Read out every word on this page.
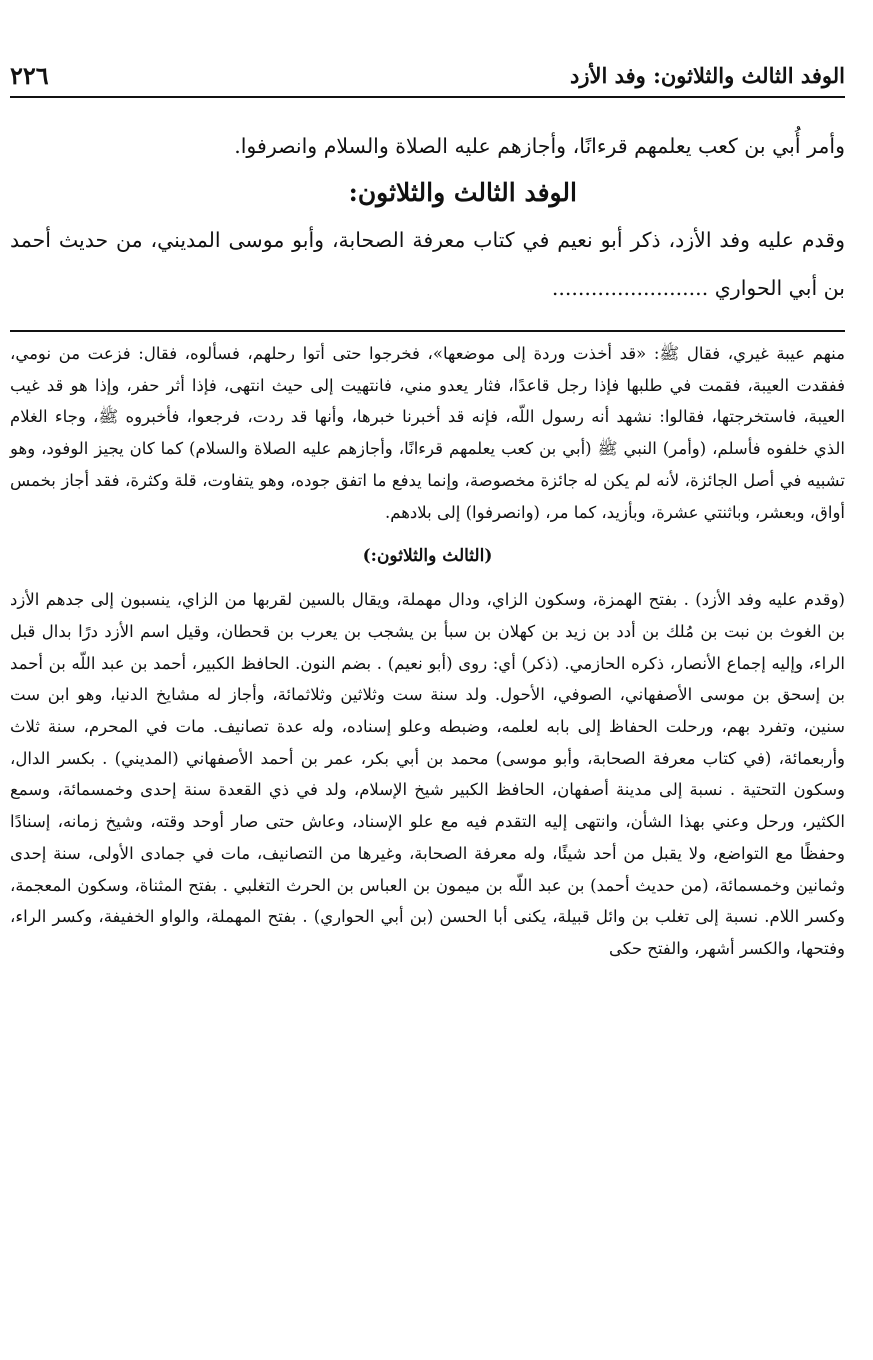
الوفد الثالث والثلاثون: وفد الأزد
٢٢٦

وأمر أُبي بن كعب يعلمهم قرءانًا، وأجازهم عليه الصلاة والسلام وانصرفوا.

الوفد الثالث والثلاثون:

وقدم عليه وفد الأزد، ذكر أبو نعيم في كتاب معرفة الصحابة، وأبو موسى المديني، من حديث أحمد بن أبي الحواري ........................

منهم عيبة غيري، فقال ﷺ: «قد أخذت وردة إلى موضعها»، فخرجوا حتى أتوا رحلهم، فسألوه، فقال: فزعت من نومي، ففقدت العيبة، فقمت في طلبها فإذا رجل قاعدًا، فثار يعدو مني، فانتهيت إلى حيث انتهى، فإذا أثر حفر، وإذا هو قد غيب العيبة، فاستخرجتها، فقالوا: نشهد أنه رسول اللّه، فإنه قد أخبرنا خبرها، وأنها قد ردت، فرجعوا، فأخبروه ﷺ، وجاء الغلام الذي خلفوه فأسلم، (وأمر) النبي ﷺ (أبي بن كعب يعلمهم قرءانًا، وأجازهم عليه الصلاة والسلام) كما كان يجيز الوفود، وهو تشبيه في أصل الجائزة، لأنه لم يكن له جائزة مخصوصة، وإنما يدفع ما اتفق جوده، وهو يتفاوت، قلة وكثرة، فقد أجاز بخمس أواق، وبعشر، وباثنتي عشرة، وبأزيد، كما مر، (وانصرفوا) إلى بلادهم.

(الثالث والثلاثون:)

(وقدم عليه وفد الأزد) . بفتح الهمزة، وسكون الزاي، ودال مهملة، ويقال بالسين لقربها من الزاي، ينسبون إلى جدهم الأزد بن الغوث بن نبت بن مُلك بن أدد بن زيد بن كهلان بن سبأ بن يشجب بن يعرب بن قحطان، وقيل اسم الأزد درًا بدال قبل الراء، وإليه إجماع الأنصار، ذكره الحازمي. (ذكر) أي: روى (أبو نعيم) . بضم النون. الحافظ الكبير، أحمد بن عبد اللّه بن أحمد بن إسحق بن موسى الأصفهاني، الصوفي، الأحول. ولد سنة ست وثلاثين وثلاثمائة، وأجاز له مشايخ الدنيا، وهو ابن ست سنين، وتفرد بهم، ورحلت الحفاظ إلى بابه لعلمه، وضبطه وعلو إسناده، وله عدة تصانيف. مات في المحرم، سنة ثلاث وأربعمائة، (في كتاب معرفة الصحابة، وأبو موسى) محمد بن أبي بكر، عمر بن أحمد الأصفهاني (المديني) . بكسر الدال، وسكون التحتية . نسبة إلى مدينة أصفهان، الحافظ الكبير شيخ الإسلام، ولد في ذي القعدة سنة إحدى وخمسمائة، وسمع الكثير، ورحل وعني بهذا الشأن، وانتهى إليه التقدم فيه مع علو الإسناد، وعاش حتى صار أوحد وقته، وشيخ زمانه، إسنادًا وحفظًا مع التواضع، ولا يقبل من أحد شيئًا، وله معرفة الصحابة، وغيرها من التصانيف، مات في جمادى الأولى، سنة إحدى وثمانين وخمسمائة، (من حديث أحمد) بن عبد اللّه بن ميمون بن العباس بن الحرث التغلبي . بفتح المثناة، وسكون المعجمة، وكسر اللام. نسبة إلى تغلب بن وائل قبيلة، يكنى أبا الحسن (بن أبي الحواري) . بفتح المهملة، والواو الخفيفة، وكسر الراء، وفتحها، والكسر أشهر، والفتح حكى
